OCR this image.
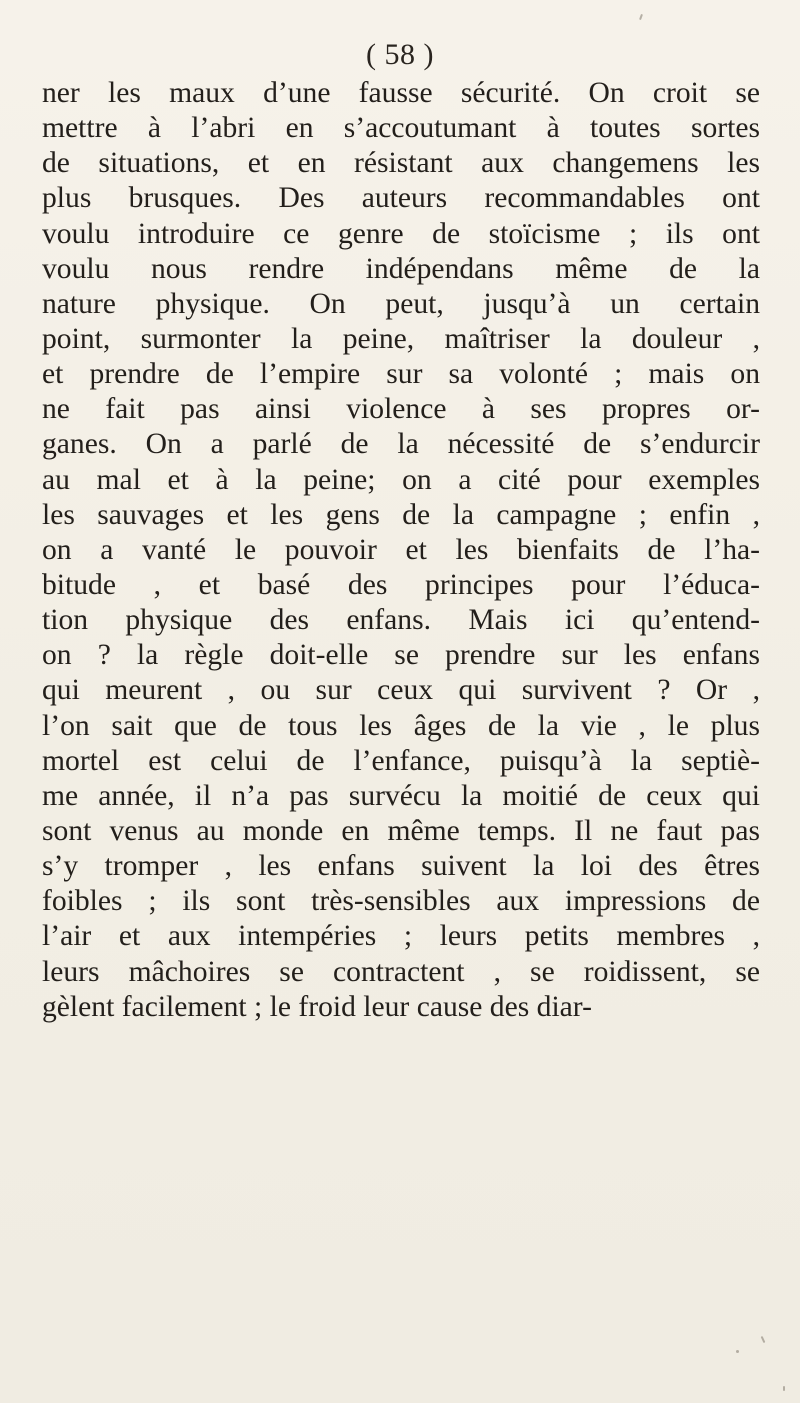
( 58 )
ner les maux d’une fausse sécurité. On croit se
mettre à l’abri en s’accoutumant à toutes sortes
de situations, et en résistant aux changemens les
plus brusques. Des auteurs recommandables ont
voulu introduire ce genre de stoïcisme ; ils ont
voulu nous rendre indépendans même de la
nature physique. On peut, jusqu’à un certain
point, surmonter la peine, maîtriser la douleur ,
et prendre de l’empire sur sa volonté ; mais on
ne fait pas ainsi violence à ses propres or-
ganes. On a parlé de la nécessité de s’endurcir
au mal et à la peine; on a cité pour exemples
les sauvages et les gens de la campagne ; enfin ,
on a vanté le pouvoir et les bienfaits de l’ha-
bitude , et basé des principes pour l’éduca-
tion physique des enfans. Mais ici qu’entend-
on ? la règle doit-elle se prendre sur les enfans
qui meurent , ou sur ceux qui survivent ? Or ,
l’on sait que de tous les âges de la vie , le plus
mortel est celui de l’enfance, puisqu’à la septiè-
me année, il n’a pas survécu la moitié de ceux qui
sont venus au monde en même temps. Il ne faut pas
s’y tromper , les enfans suivent la loi des êtres
foibles ; ils sont très-sensibles aux impressions de
l’air et aux intempéries ; leurs petits membres ,
leurs mâchoires se contractent , se roidissent, se
gèlent facilement ; le froid leur cause des diar-
